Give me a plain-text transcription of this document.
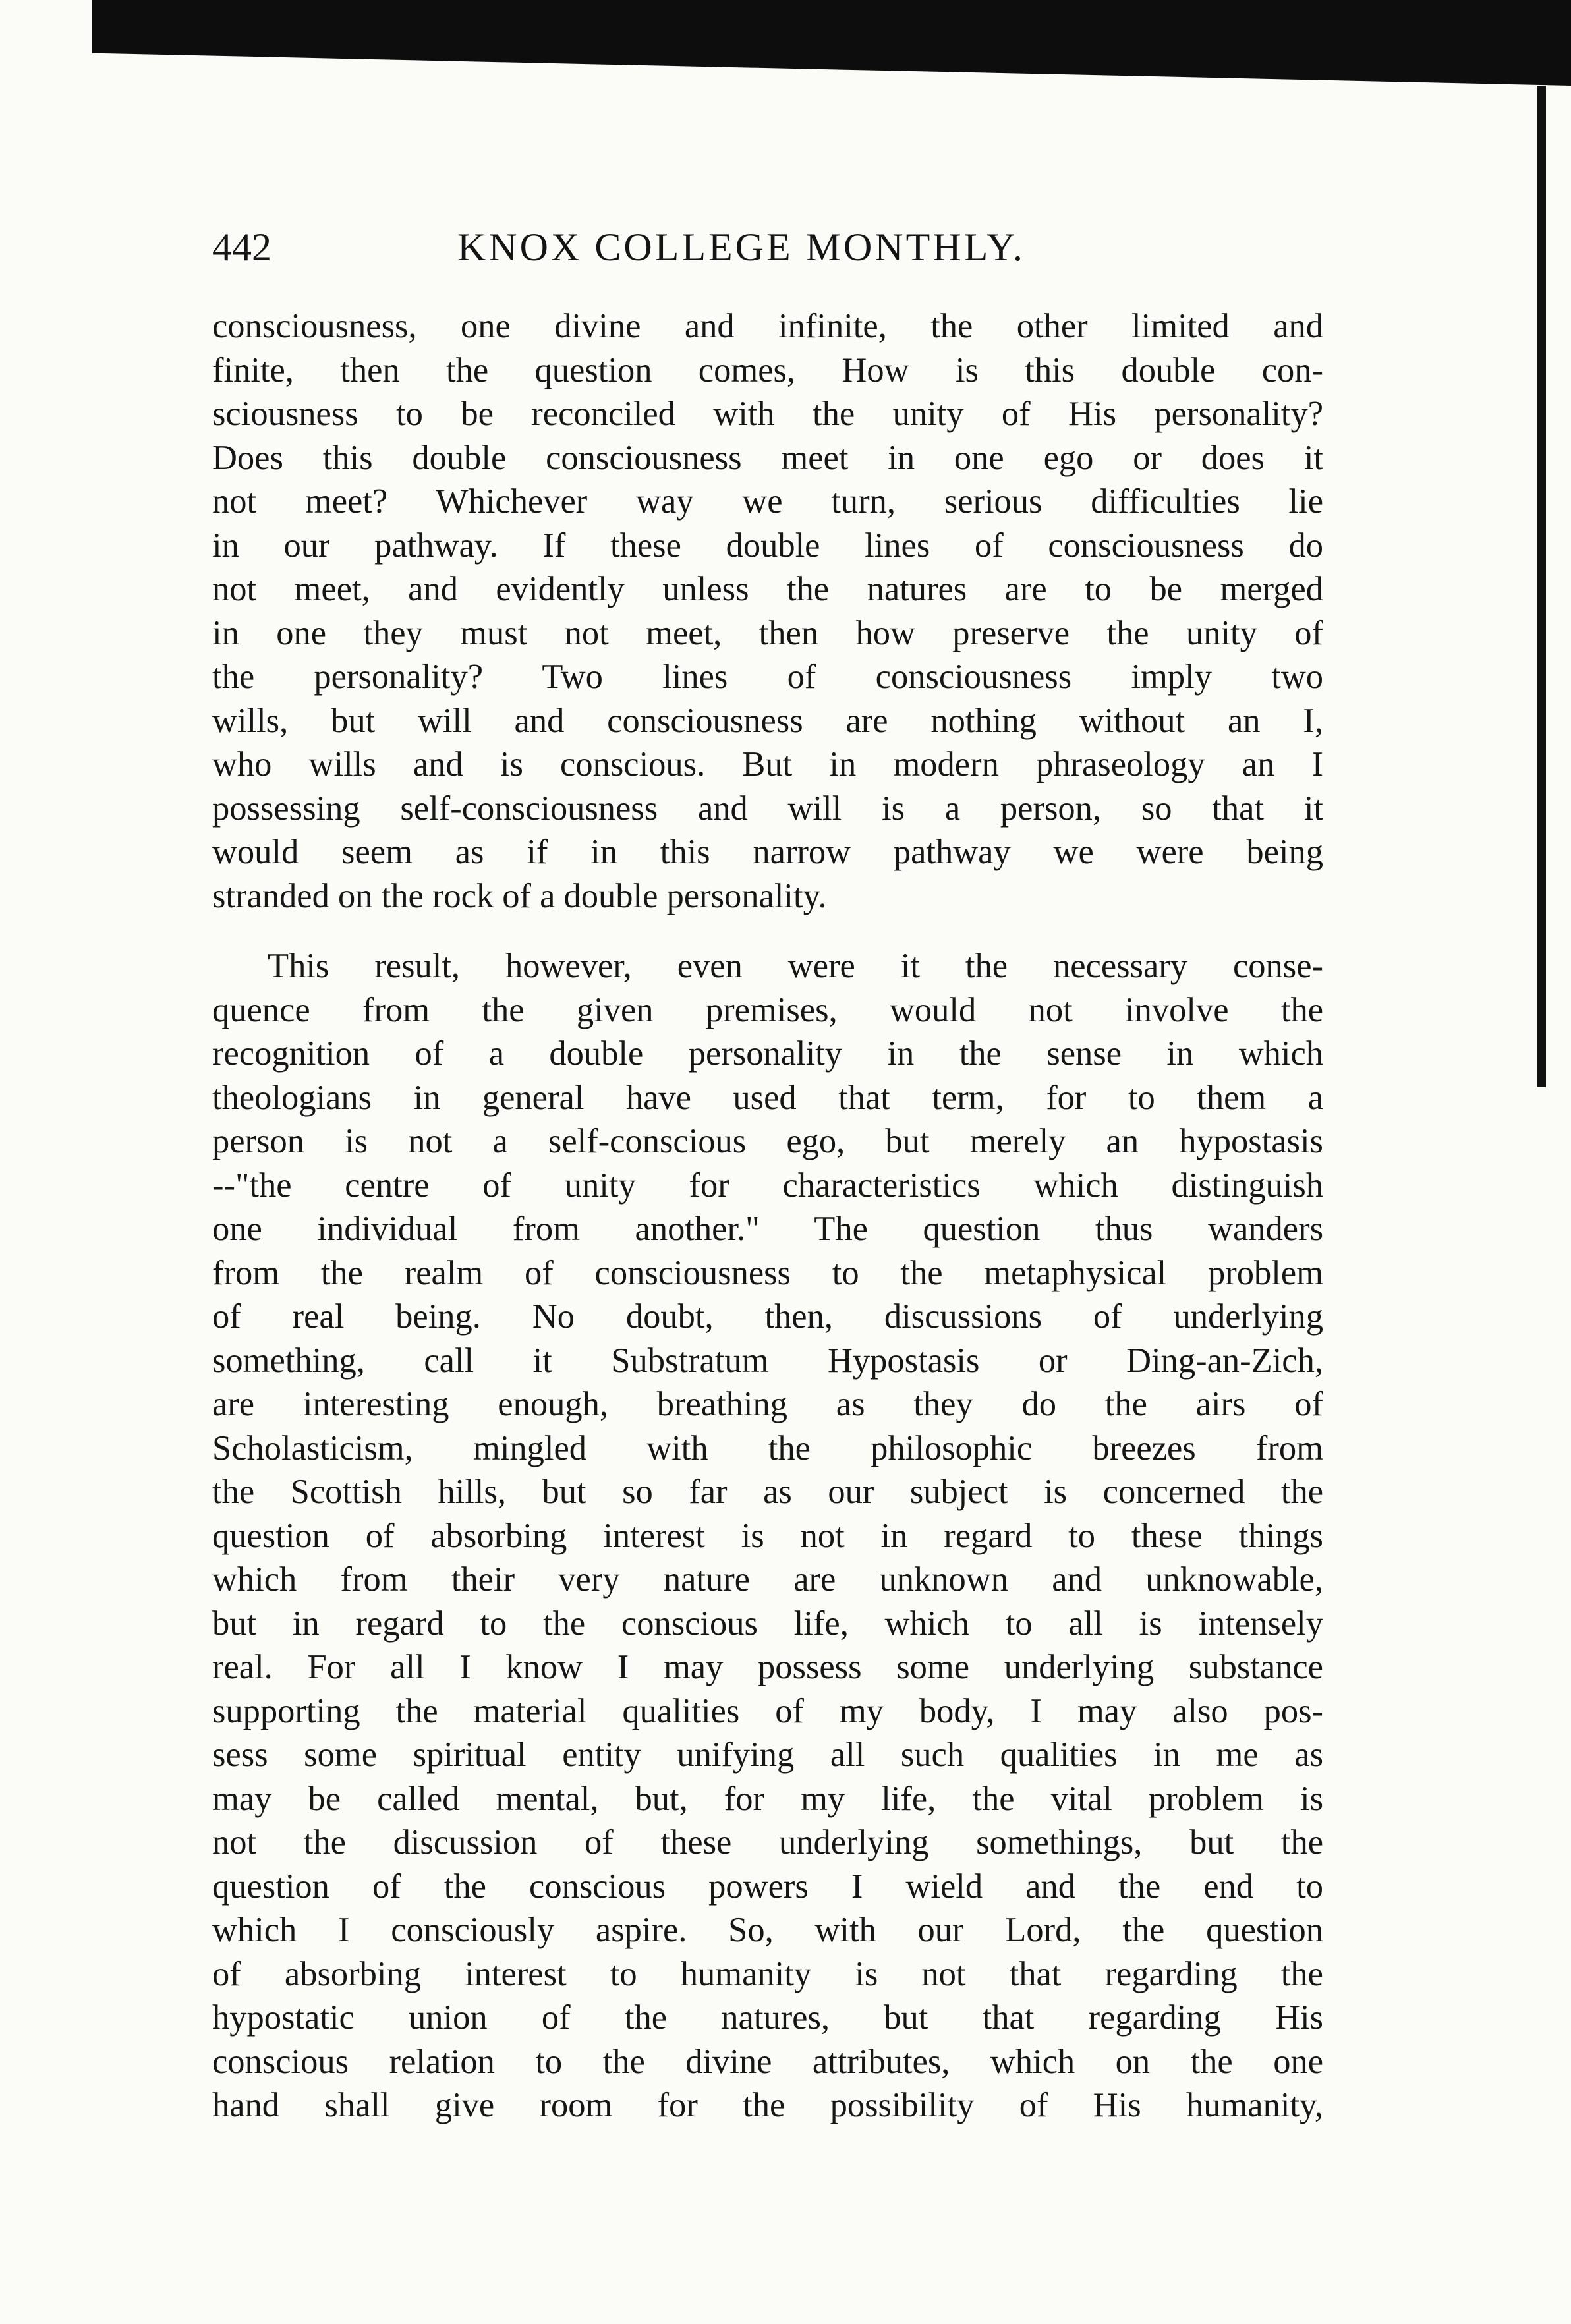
442	KNOX COLLEGE MONTHLY.
consciousness, one divine and infinite, the other limited and
finite, then the question comes, How is this double con-
sciousness to be reconciled with the unity of His personality?
Does this double consciousness meet in one ego or does it
not meet? Whichever way we turn, serious difficulties lie
in our pathway. If these double lines of consciousness do
not meet, and evidently unless the natures are to be merged
in one they must not meet, then how preserve the unity of
the personality? Two lines of consciousness imply two
wills, but will and consciousness are nothing without an I,
who wills and is conscious. But in modern phraseology an I
possessing self-consciousness and will is a person, so that it
would seem as if in this narrow pathway we were being
stranded on the rock of a double personality.
This result, however, even were it the necessary conse-
quence from the given premises, would not involve the
recognition of a double personality in the sense in which
theologians in general have used that term, for to them a
person is not a self-conscious ego, but merely an hypostasis
--"the centre of unity for characteristics which distinguish
one individual from another." The question thus wanders
from the realm of consciousness to the metaphysical problem
of real being. No doubt, then, discussions of underlying
something, call it Substratum Hypostasis or Ding-an-Zich,
are interesting enough, breathing as they do the airs of
Scholasticism, mingled with the philosophic breezes from
the Scottish hills, but so far as our subject is concerned the
question of absorbing interest is not in regard to these things
which from their very nature are unknown and unknowable,
but in regard to the conscious life, which to all is intensely
real. For all I know I may possess some underlying substance
supporting the material qualities of my body, I may also pos-
sess some spiritual entity unifying all such qualities in me as
may be called mental, but, for my life, the vital problem is
not the discussion of these underlying somethings, but the
question of the conscious powers I wield and the end to
which I consciously aspire. So, with our Lord, the question
of absorbing interest to humanity is not that regarding the
hypostatic union of the natures, but that regarding His
conscious relation to the divine attributes, which on the one
hand shall give room for the possibility of His humanity,
